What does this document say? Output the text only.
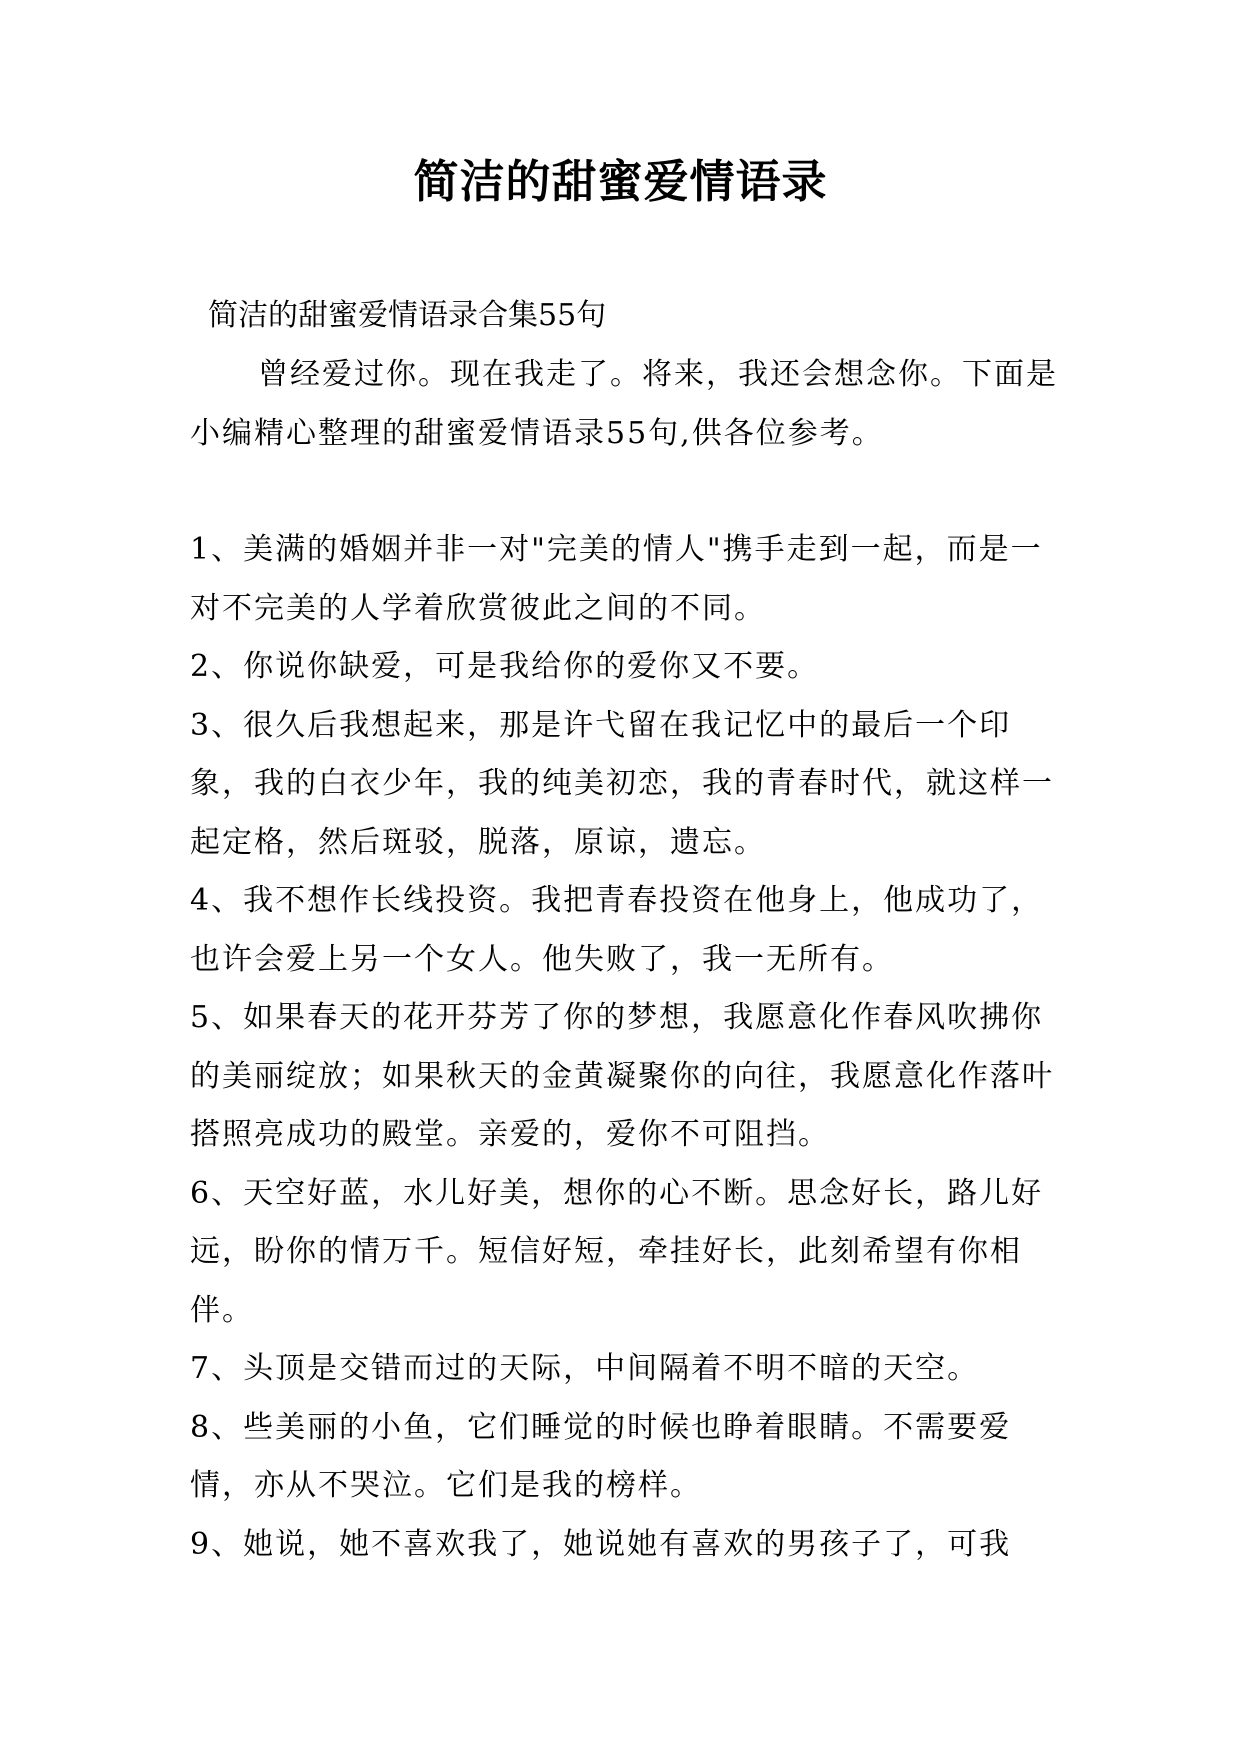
简洁的甜蜜爱情语录
简洁的甜蜜爱情语录合集55句

曾经爱过你。现在我走了。将来，我还会想念你。下面是小编精心整理的甜蜜爱情语录55句,供各位参考。

1、美满的婚姻并非一对"完美的情人"携手走到一起，而是一对不完美的人学着欣赏彼此之间的不同。

2、你说你缺爱，可是我给你的爱你又不要。

3、很久后我想起来，那是许弋留在我记忆中的最后一个印象，我的白衣少年，我的纯美初恋，我的青春时代，就这样一起定格，然后斑驳，脱落，原谅，遗忘。

4、我不想作长线投资。我把青春投资在他身上，他成功了，也许会爱上另一个女人。他失败了，我一无所有。

5、如果春天的花开芬芳了你的梦想，我愿意化作春风吹拂你的美丽绽放；如果秋天的金黄凝聚你的向往，我愿意化作落叶搭照亮成功的殿堂。亲爱的，爱你不可阻挡。

6、天空好蓝，水儿好美，想你的心不断。思念好长，路儿好远，盼你的情万千。短信好短，牵挂好长，此刻希望有你相伴。

7、头顶是交错而过的天际，中间隔着不明不暗的天空。

8、些美丽的小鱼，它们睡觉的时候也睁着眼睛。不需要爱情，亦从不哭泣。它们是我的榜样。

9、她说，她不喜欢我了，她说她有喜欢的男孩子了，可我
